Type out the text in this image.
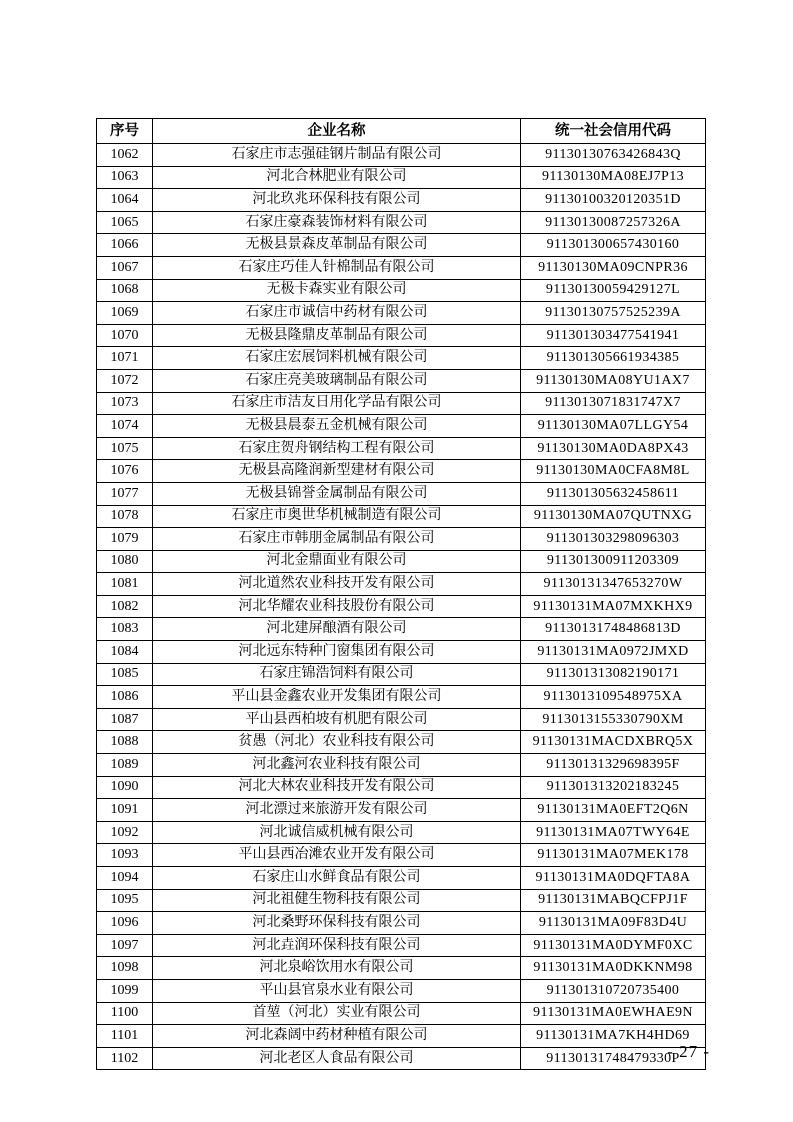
序号	企业名称	统一社会信用代码
1062	石家庄市志强硅钢片制品有限公司	91130130763426843Q
1063	河北合林肥业有限公司	91130130MA08EJ7P13
1064	河北玖兆环保科技有限公司	91130100320120351D
1065	石家庄豪森装饰材料有限公司	91130130087257326A
1066	无极县景森皮革制品有限公司	911301300657430160
1067	石家庄巧佳人针棉制品有限公司	91130130MA09CNPR36
1068	无极卡森实业有限公司	91130130059429127L
1069	石家庄市诚信中药材有限公司	91130130757525239A
1070	无极县隆鼎皮革制品有限公司	911301303477541941
1071	石家庄宏展饲料机械有限公司	911301305661934385
1072	石家庄亮美玻璃制品有限公司	91130130MA08YU1AX7
1073	石家庄市洁友日用化学品有限公司	9113013071831747X7
1074	无极县晨泰五金机械有限公司	91130130MA07LLGY54
1075	石家庄贺舟钢结构工程有限公司	91130130MA0DA8PX43
1076	无极县高隆润新型建材有限公司	91130130MA0CFA8M8L
1077	无极县锦誉金属制品有限公司	911301305632458611
1078	石家庄市奥世华机械制造有限公司	91130130MA07QUTNXG
1079	石家庄市韩朋金属制品有限公司	911301303298096303
1080	河北金鼎面业有限公司	911301300911203309
1081	河北道然农业科技开发有限公司	91130131347653270W
1082	河北华耀农业科技股份有限公司	91130131MA07MXKHX9
1083	河北建屏酿酒有限公司	91130131748486813D
1084	河北远东特种门窗集团有限公司	91130131MA0972JMXD
1085	石家庄锦浩饲料有限公司	911301313082190171
1086	平山县金鑫农业开发集团有限公司	9113013109548975XA
1087	平山县西柏坡有机肥有限公司	9113013155330790XM
1088	贫愚（河北）农业科技有限公司	91130131MACDXBRQ5X
1089	河北鑫河农业科技有限公司	91130131329698395F
1090	河北大林农业科技开发有限公司	911301313202183245
1091	河北漂过来旅游开发有限公司	91130131MA0EFT2Q6N
1092	河北诚信威机械有限公司	91130131MA07TWY64E
1093	平山县西冶滩农业开发有限公司	91130131MA07MEK178
1094	石家庄山水鲜食品有限公司	91130131MA0DQFTA8A
1095	河北祖健生物科技有限公司	91130131MABQCFPJ1F
1096	河北桑野环保科技有限公司	91130131MA09F83D4U
1097	河北垚润环保科技有限公司	91130131MA0DYMF0XC
1098	河北泉峪饮用水有限公司	91130131MA0DKKNM98
1099	平山县官泉水业有限公司	911301310720735400
1100	首堃（河北）实业有限公司	91130131MA0EWHAE9N
1101	河北森阔中药材种植有限公司	91130131MA7KH4HD69
1102	河北老区人食品有限公司	91130131748479330P
- 27 -
